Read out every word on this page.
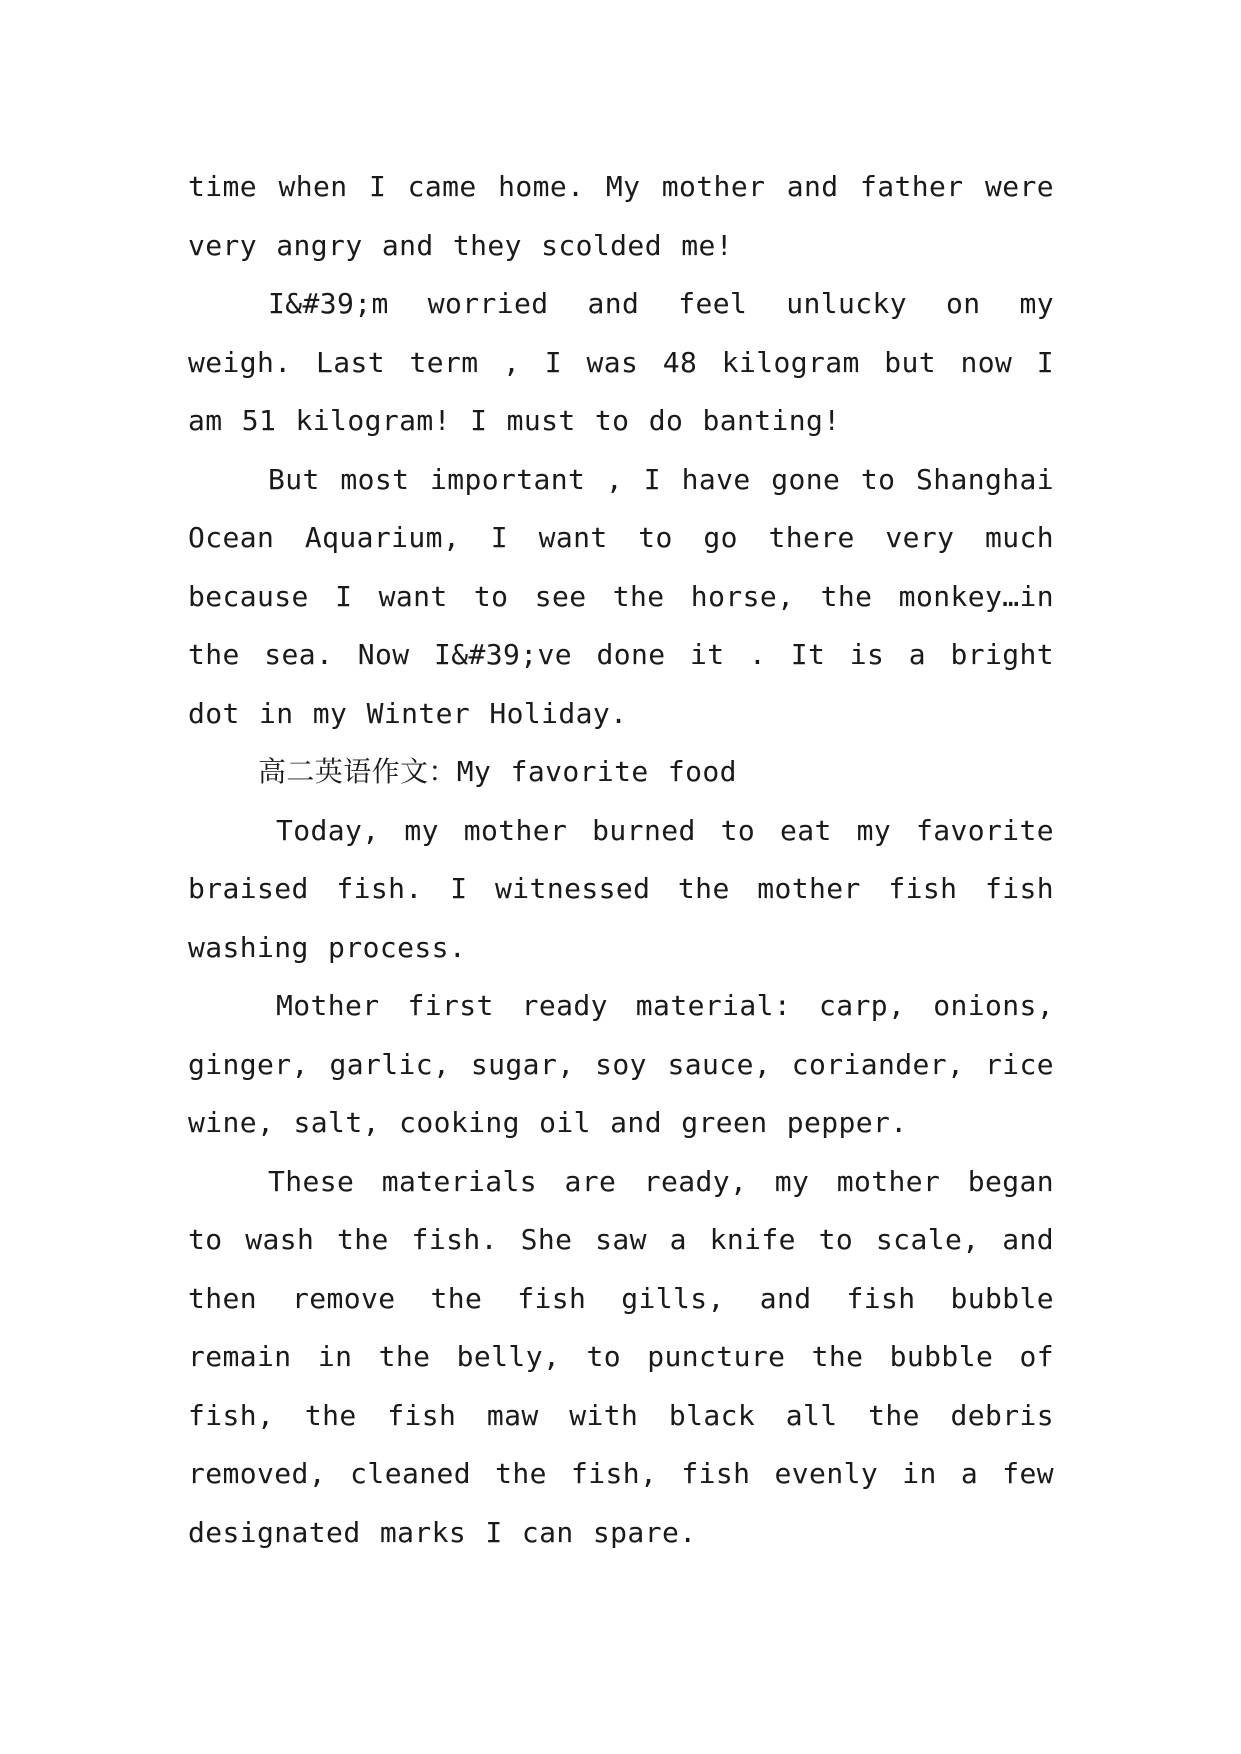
time when I came home. My mother and father were very angry and they scolded me!

I&#39;m worried and feel unlucky on my weigh. Last term , I was 48 kilogram but now I am 51 kilogram! I must to do banting!

But most important , I have gone to Shanghai Ocean Aquarium, I want to go there very much because I want to see the horse, the monkey…in the sea. Now I&#39;ve done it . It is a bright dot in my Winter Holiday.

高二英语作文：My favorite food

Today, my mother burned to eat my favorite braised fish. I witnessed the mother fish fish washing process.

Mother first ready material: carp, onions, ginger, garlic, sugar, soy sauce, coriander, rice wine, salt, cooking oil and green pepper.

These materials are ready, my mother began to wash the fish. She saw a knife to scale, and then remove the fish gills, and fish bubble remain in the belly, to puncture the bubble of fish, the fish maw with black all the debris removed, cleaned the fish, fish evenly in a few designated marks I can spare.
